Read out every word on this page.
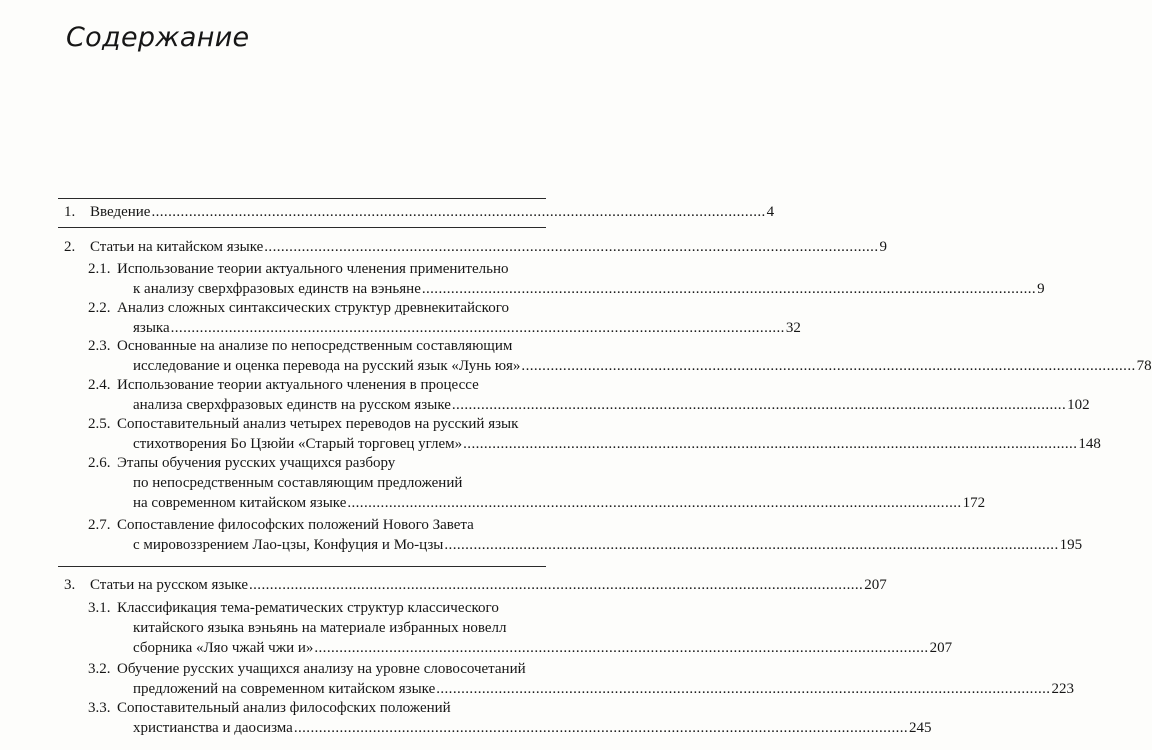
Содержание
1. Введение .................................................................................................................................................... 4
2. Статьи на китайском языке .................................................................................................................................................... 9
2.1. Использование теории актуального членения применительно
к анализу сверхфразовых единств на вэньяне .................................................................................................................................................... 9
2.2. Анализ сложных синтаксических структур древнекитайского
языка .................................................................................................................................................... 32
2.3. Основанные на анализе по непосредственным составляющим
исследование и оценка перевода на русский язык «Лунь юя» .................................................................................................................................................... 78
2.4. Использование теории актуального членения в процессе
анализа сверхфразовых единств на русском языке .................................................................................................................................................... 102
2.5. Сопоставительный анализ четырех переводов на русский язык
стихотворения Бо Цзюйи «Старый торговец углем» .................................................................................................................................................... 148
2.6. Этапы обучения русских учащихся разбору
по непосредственным составляющим предложений
на современном китайском языке .................................................................................................................................................... 172
2.7. Сопоставление философских положений Нового Завета
с мировоззрением Лао-цзы, Конфуция и Мо-цзы .................................................................................................................................................... 195
3. Статьи на русском языке .................................................................................................................................................... 207
3.1. Классификация тема-рематических структур классического
китайского языка вэньянь на материале избранных новелл
сборника «Ляо чжай чжи и» .................................................................................................................................................... 207
3.2. Обучение русских учащихся анализу на уровне словосочетаний
предложений на современном китайском языке .................................................................................................................................................... 223
3.3. Сопоставительный анализ философских положений
христианства и даосизма .................................................................................................................................................... 245
